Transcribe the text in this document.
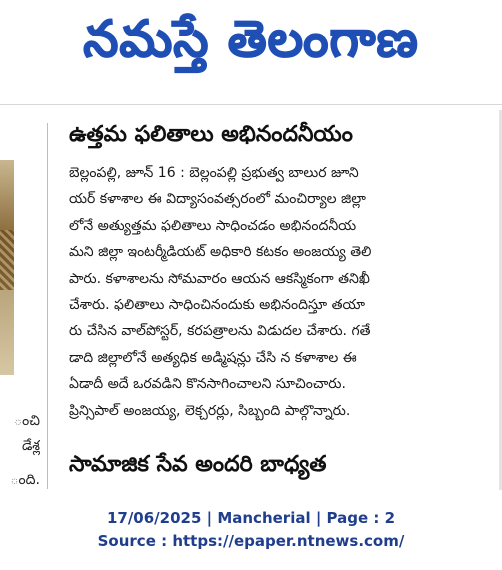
నమస్తే తెలంగాణ
ంచి
డేశ్ల
ంది.
ఉత్తమ ఫలితాలు అభినందనీయం
బెల్లంపల్లి, జూన్ 16 : బెల్లంపల్లి ప్రభుత్వ బాలుర జూని
యర్ కళాశాల ఈ విద్యాసంవత్సరంలో మంచిర్యాల జిల్లా
లోనే అత్యుత్తమ ఫలితాలు సాధించడం అభినందనీయ
మని జిల్లా ఇంటర్మీడియట్ అధికారి కటకం అంజయ్య తెలి
పారు. కళాశాలను సోమవారం ఆయన ఆకస్మికంగా తనిఖీ
చేశారు. ఫలితాలు సాధించినందుకు అభినందిస్తూ తయా
రు చేసిన వాల్‌పోస్టర్, కరపత్రాలను విడుదల చేశారు. గతే
డాది జిల్లాలోనే అత్యధిక అడ్మిషన్లు చేసి న కళాశాల ఈ
ఏడాదీ అదే ఒరవడిని కొనసాగించాలని సూచించారు.
ప్రిన్సిపాల్ అంజయ్య, లెక్చరర్లు, సిబ్బంది పాల్గొన్నారు.
సామాజిక సేవ అందరి బాధ్యత
17/06/2025 | Mancherial | Page : 2
Source : https://epaper.ntnews.com/
